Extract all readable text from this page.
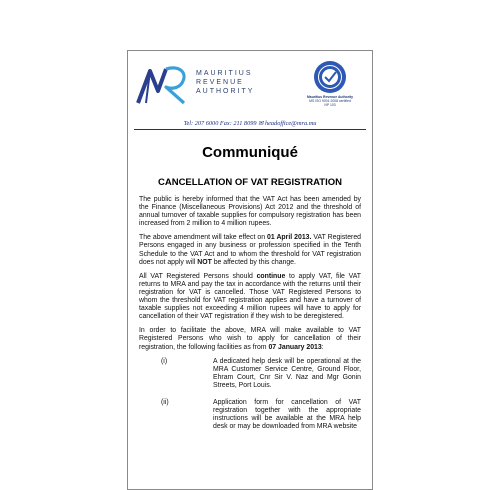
MAURITIUS
REVENUE
AUTHORITY
Mauritius Revenue Authority
MS ISO 9001:2008 certified
NP 103
Tel: 207 6000 Fax: 211 8099 ✉ headoffice@mra.mu
Communiqué
CANCELLATION OF VAT REGISTRATION

The public is hereby informed that the VAT Act has been amended by the Finance (Miscellaneous Provisions) Act 2012 and the threshold of annual turnover of taxable supplies for compulsory registration has been increased from 2 million to 4 million rupees.

The above amendment will take effect on 01 April 2013. VAT Registered Persons engaged in any business or profession specified in the Tenth Schedule to the VAT Act and to whom the threshold for VAT registration does not apply will NOT be affected by this change.

All VAT Registered Persons should continue to apply VAT, file VAT returns to MRA and pay the tax in accordance with the returns until their registration for VAT is cancelled. Those VAT Registered Persons to whom the threshold for VAT registration applies and have a turnover of taxable supplies not exceeding 4 million rupees will have to apply for cancellation of their VAT registration if they wish to be deregistered.

In order to facilitate the above, MRA will make available to VAT Registered Persons who wish to apply for cancellation of their registration, the following facilities as from 07 January 2013:

(i)	A dedicated help desk will be operational at the MRA Customer Service Centre, Ground Floor, Ehram Court, Cnr Sir V. Naz and Mgr Gonin Streets, Port Louis.
(ii)	Application form for cancellation of VAT registration together with the appropriate instructions will be available at the MRA help desk or may be downloaded from MRA website
